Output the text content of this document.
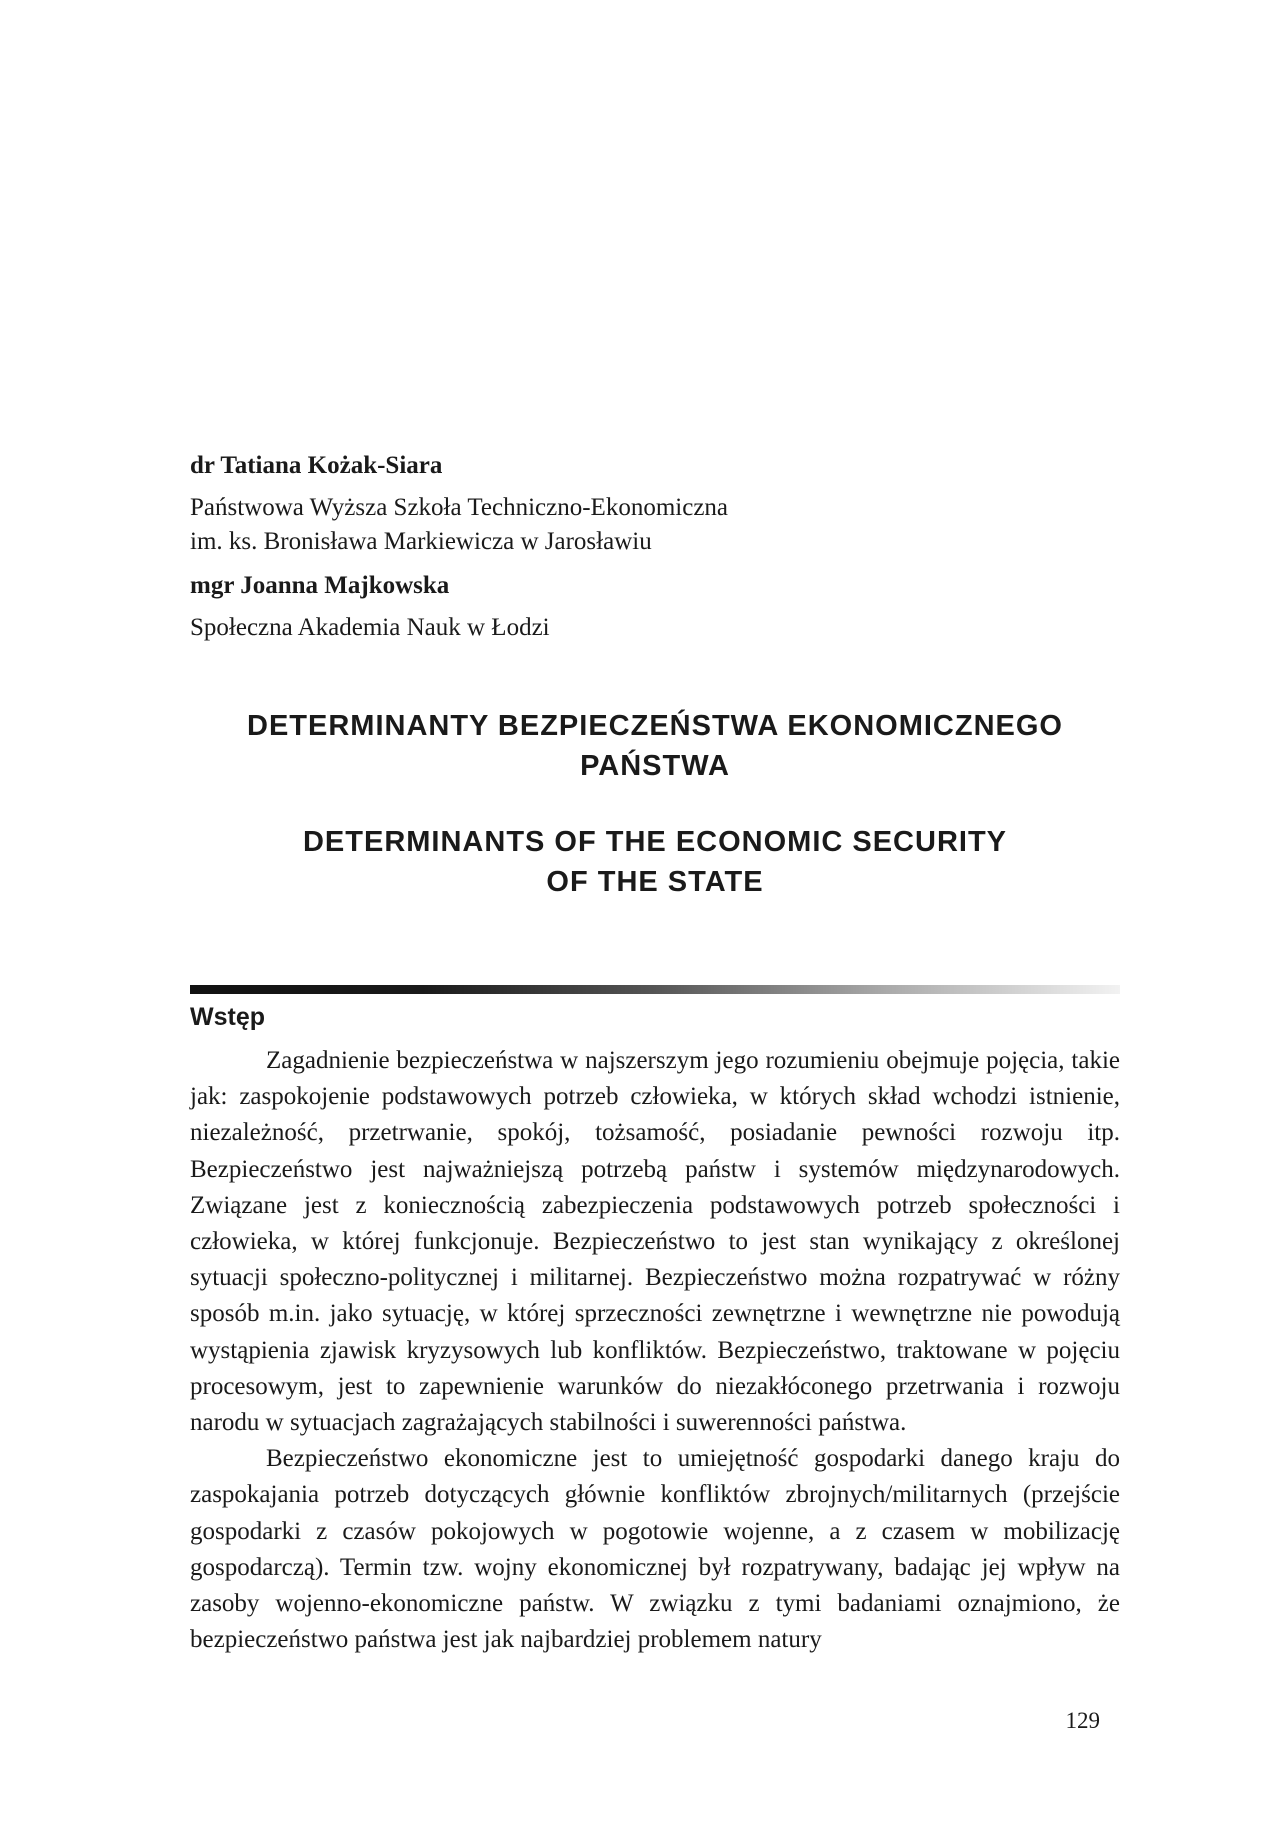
dr Tatiana Kożak-Siara

Państwowa Wyższa Szkoła Techniczno-Ekonomiczna
im. ks. Bronisława Markiewicza w Jarosławiu

mgr Joanna Majkowska

Społeczna Akademia Nauk w Łodzi

DETERMINANTY BEZPIECZEŃSTWA EKONOMICZNEGO
PAŃSTWA
DETERMINANTS OF THE ECONOMIC SECURITY
OF THE STATE
Wstęp

Zagadnienie bezpieczeństwa w najszerszym jego rozumieniu obejmuje pojęcia, takie jak: zaspokojenie podstawowych potrzeb człowieka, w których skład wchodzi istnienie, niezależność, przetrwanie, spokój, tożsamość, posiadanie pewności rozwoju itp. Bezpieczeństwo jest najważniejszą potrzebą państw i systemów międzynarodowych. Związane jest z koniecznością zabezpieczenia podstawowych potrzeb społeczności i człowieka, w której funkcjonuje. Bezpieczeństwo to jest stan wynikający z określonej sytuacji społeczno-politycznej i militarnej. Bezpieczeństwo można rozpatrywać w różny sposób m.in. jako sytuację, w której sprzeczności zewnętrzne i wewnętrzne nie powodują wystąpienia zjawisk kryzysowych lub konfliktów. Bezpieczeństwo, traktowane w pojęciu procesowym, jest to zapewnienie warunków do niezakłóconego przetrwania i rozwoju narodu w sytuacjach zagrażających stabilności i suwerenności państwa.

Bezpieczeństwo ekonomiczne jest to umiejętność gospodarki danego kraju do zaspokajania potrzeb dotyczących głównie konfliktów zbrojnych/militarnych (przejście gospodarki z czasów pokojowych w pogotowie wojenne, a z czasem w mobilizację gospodarczą). Termin tzw. wojny ekonomicznej był rozpatrywany, badając jej wpływ na zasoby wojenno-ekonomiczne państw. W związku z tymi badaniami oznajmiono, że bezpieczeństwo państwa jest jak najbardziej problemem natury

129
